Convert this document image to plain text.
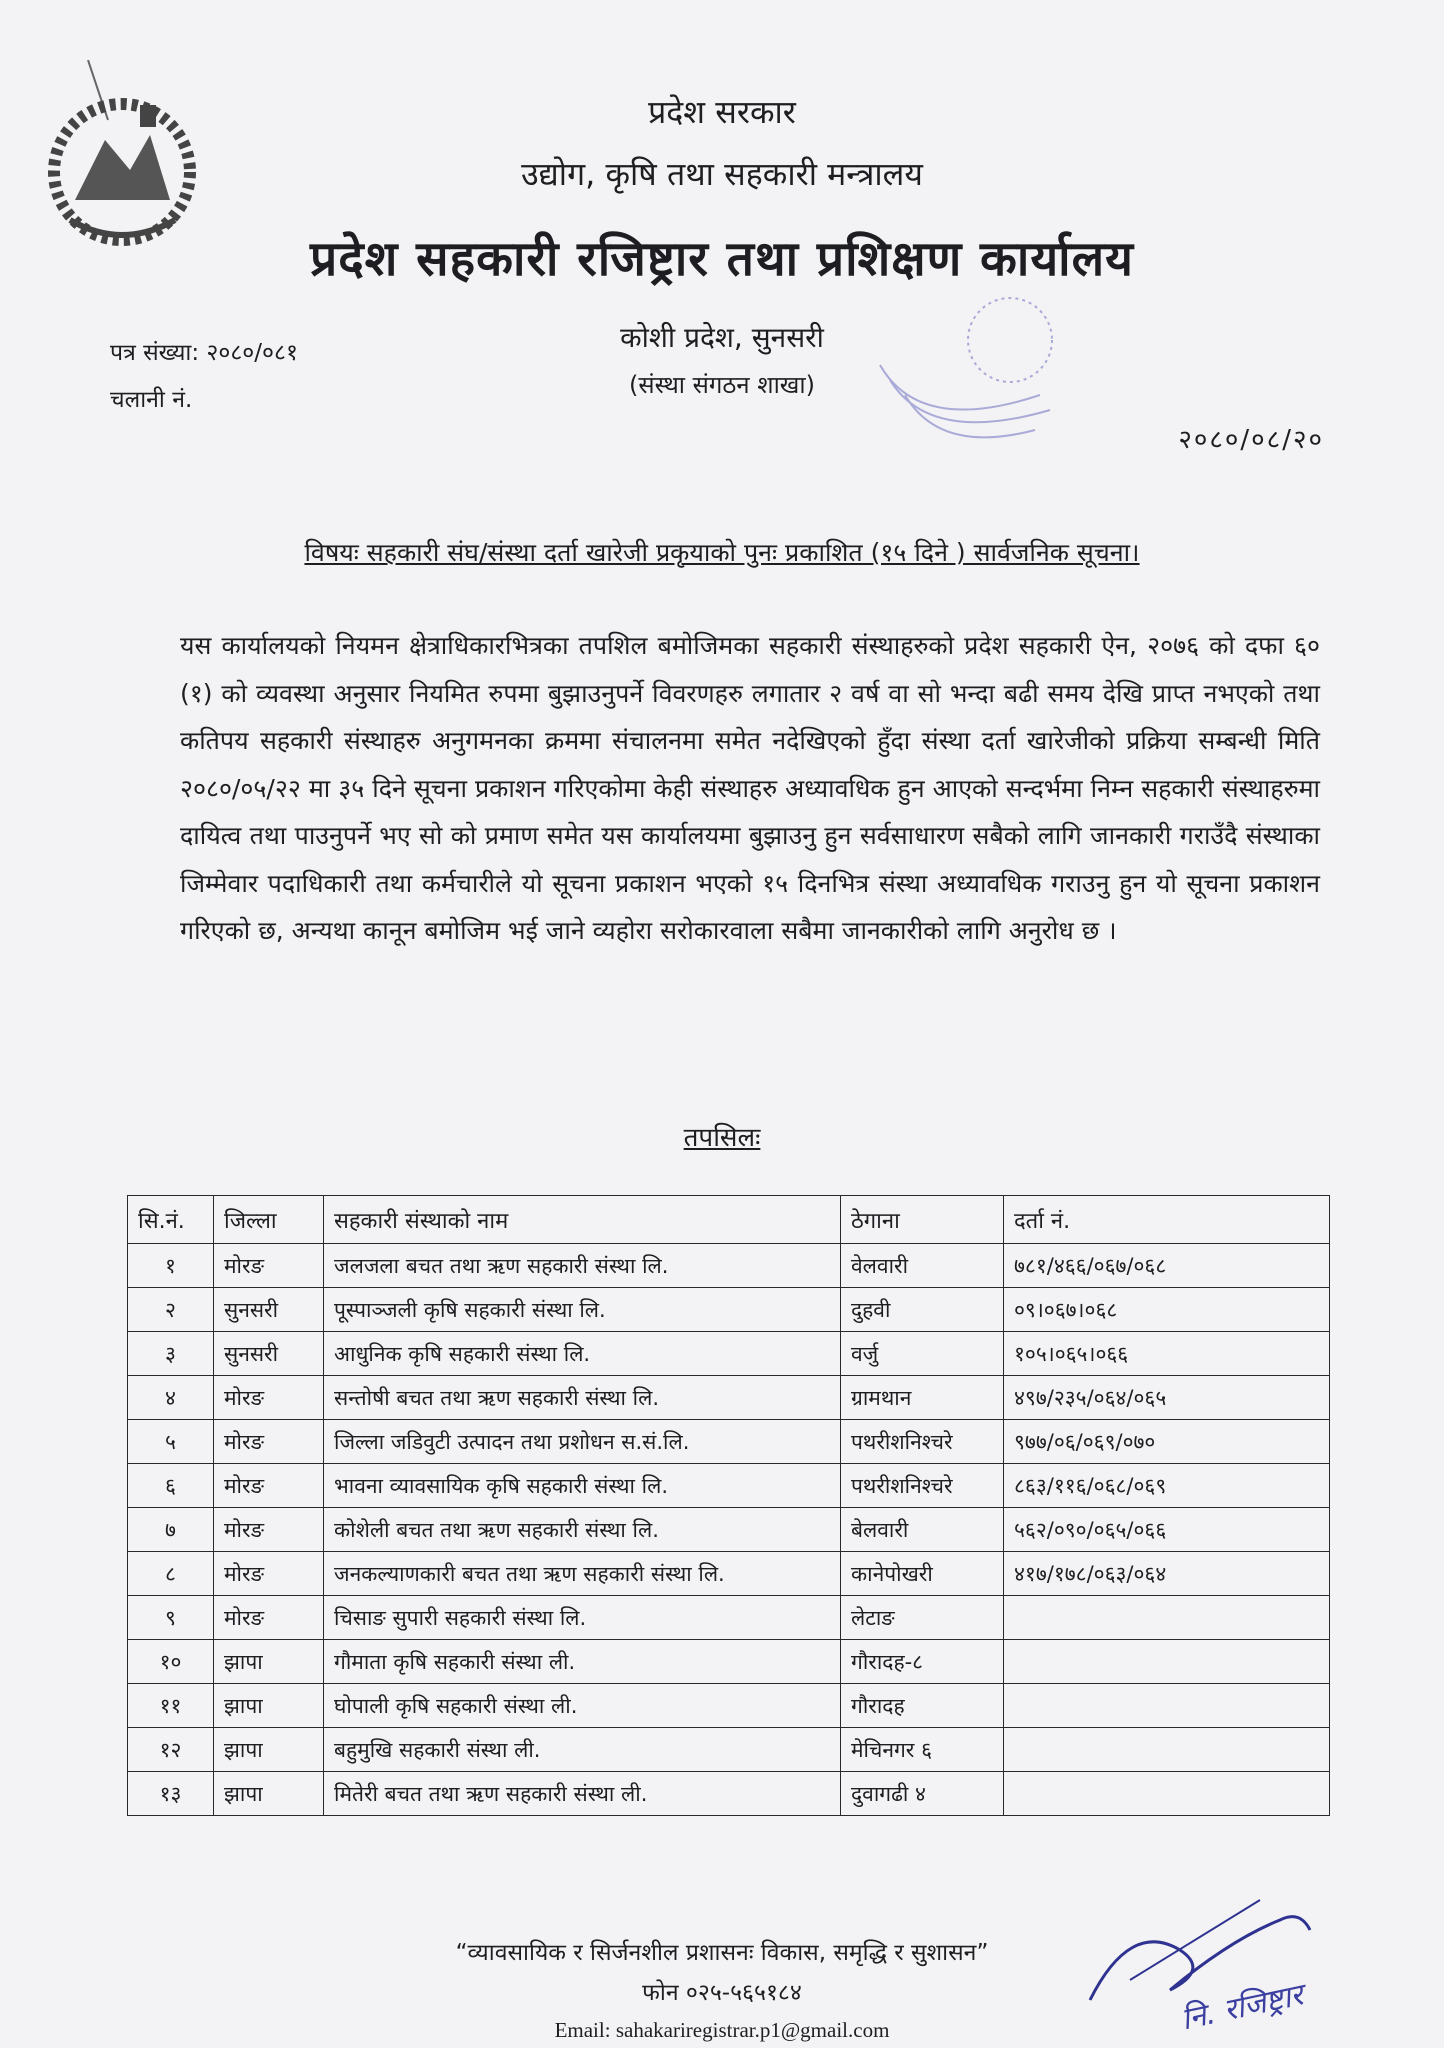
प्रदेश सरकार
उद्योग, कृषि तथा सहकारी मन्त्रालय
प्रदेश सहकारी रजिष्ट्रार तथा प्रशिक्षण कार्यालय
कोशी प्रदेश, सुनसरी
(संस्था संगठन शाखा)
पत्र संख्या: २०८०/०८१
चलानी नं.
२०८०/०८/२०
विषयः सहकारी संघ/संस्था दर्ता खारेजी प्रकृयाको पुनः प्रकाशित (१५ दिने ) सार्वजनिक सूचना।
यस कार्यालयको नियमन क्षेत्राधिकारभित्रका तपशिल बमोजिमका सहकारी संस्थाहरुको प्रदेश सहकारी ऐन, २०७६ को दफा ६० (१) को व्यवस्था अनुसार नियमित रुपमा बुझाउनुपर्ने विवरणहरु लगातार २ वर्ष वा सो भन्दा बढी समय देखि प्राप्त नभएको तथा कतिपय सहकारी संस्थाहरु अनुगमनका क्रममा संचालनमा समेत नदेखिएको हुँदा संस्था दर्ता खारेजीको प्रक्रिया सम्बन्धी मिति २०८०/०५/२२ मा ३५ दिने सूचना प्रकाशन गरिएकोमा केही संस्थाहरु अध्यावधिक हुन आएको सन्दर्भमा निम्न सहकारी संस्थाहरुमा दायित्व तथा पाउनुपर्ने भए सो को प्रमाण समेत यस कार्यालयमा बुझाउनु हुन सर्वसाधारण सबैको लागि जानकारी गराउँदै संस्थाका जिम्मेवार पदाधिकारी तथा कर्मचारीले यो सूचना प्रकाशन भएको १५ दिनभित्र संस्था अध्यावधिक गराउनु हुन यो सूचना प्रकाशन गरिएको छ, अन्यथा कानून बमोजिम भई जाने व्यहोरा सरोकारवाला सबैमा जानकारीको लागि अनुरोध छ ।
तपसिलः
सि.नं.	जिल्ला	सहकारी संस्थाको नाम	ठेगाना	दर्ता नं.
१	मोरङ	जलजला बचत तथा ऋण सहकारी संस्था लि.	वेलवारी	७८१/४६६/०६७/०६८
२	सुनसरी	पूस्पाञ्जली कृषि सहकारी संस्था लि.	दुहवी	०९।०६७।०६८
३	सुनसरी	आधुनिक कृषि सहकारी संस्था लि.	वर्जु	१०५।०६५।०६६
४	मोरङ	सन्तोषी बचत तथा ऋण सहकारी संस्था लि.	ग्रामथान	४९७/२३५/०६४/०६५
५	मोरङ	जिल्ला जडिवुटी उत्पादन तथा प्रशोधन स.सं.लि.	पथरीशनिश्चरे	९७७/०६/०६९/०७०
६	मोरङ	भावना व्यावसायिक कृषि सहकारी संस्था लि.	पथरीशनिश्चरे	८६३/११६/०६८/०६९
७	मोरङ	कोशेली बचत तथा ऋण सहकारी संस्था लि.	बेलवारी	५६२/०९०/०६५/०६६
८	मोरङ	जनकल्याणकारी बचत तथा ऋण सहकारी संस्था लि.	कानेपोखरी	४१७/१७८/०६३/०६४
९	मोरङ	चिसाङ सुपारी सहकारी संस्था लि.	लेटाङ	
१०	झापा	गौमाता कृषि सहकारी संस्था ली.	गौरादह-८	
११	झापा	घोपाली कृषि सहकारी संस्था ली.	गौरादह	
१२	झापा	बहुमुखि सहकारी संस्था ली.	मेचिनगर ६	
१३	झापा	मितेरी बचत तथा ऋण सहकारी संस्था ली.	दुवागढी ४	
“व्यावसायिक र सिर्जनशील प्रशासनः विकास, समृद्धि र सुशासन”
फोन ०२५-५६५१८४
Email: sahakariregistrar.p1@gmail.com	नि. रजिष्ट्रार
